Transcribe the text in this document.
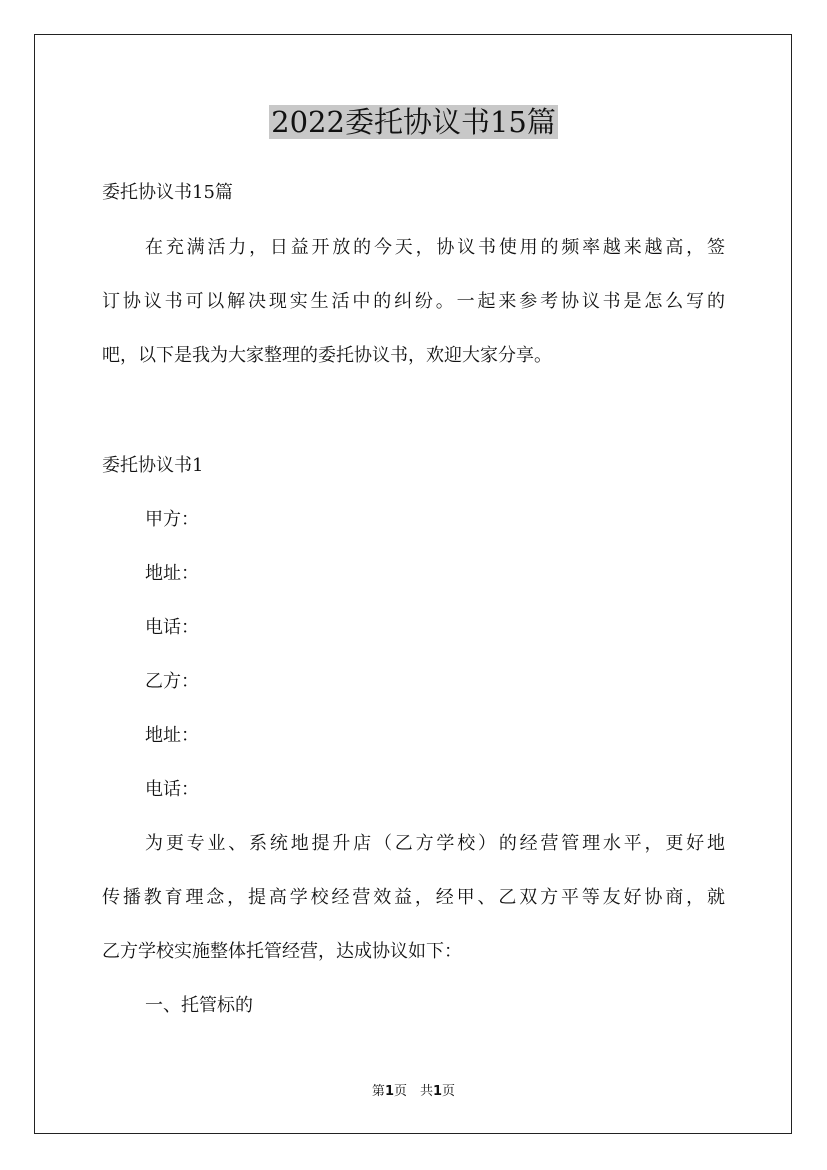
2022委托协议书15篇
委托协议书15篇
在充满活力，日益开放的今天，协议书使用的频率越来越高，签
订协议书可以解决现实生活中的纠纷。一起来参考协议书是怎么写的
吧，以下是我为大家整理的委托协议书，欢迎大家分享。
委托协议书1
甲方：
地址：
电话：
乙方：
地址：
电话：
为更专业、系统地提升店（乙方学校）的经营管理水平，更好地
传播教育理念，提高学校经营效益，经甲、乙双方平等友好协商，就
乙方学校实施整体托管经营，达成协议如下：
一、托管标的
第1页　共1页
